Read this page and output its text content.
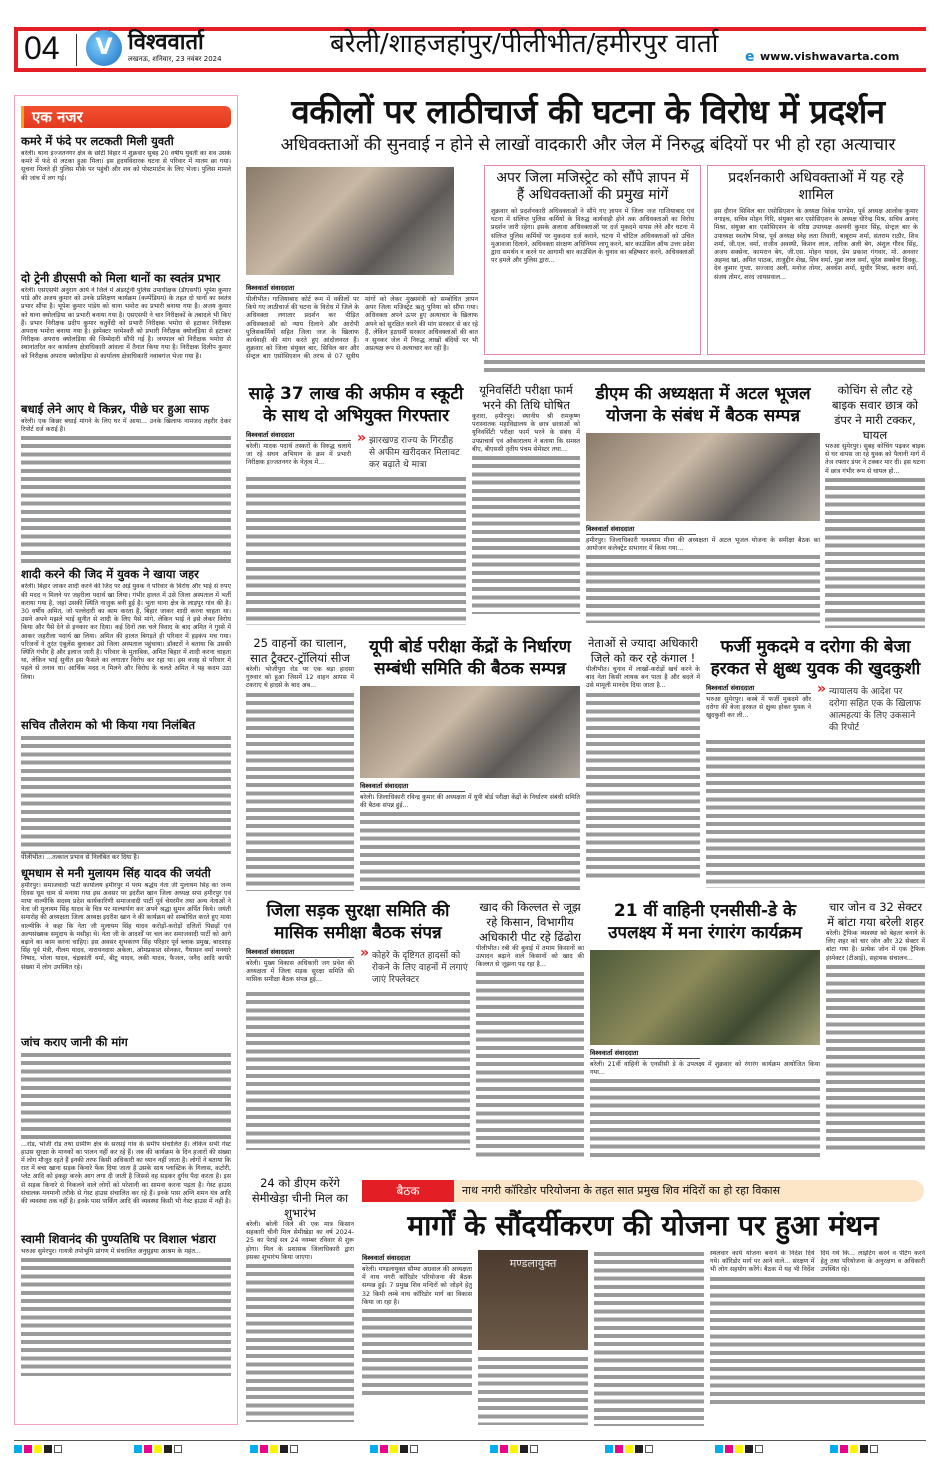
04	V विश्ववार्ता
लखनऊ, शनिवार, 23 नवंबर 2024	बरेली/शाहजहांपुर/पीलीभीत/हमीरपुर वार्ता	e www.vishwavarta.com
एक नजर
कमरे में फंदे पर लटकती मिली युवती
बरेली। थाना इज्जतनगर क्षेत्र के छोटी विहार में शुक्रवार सुबह 20 वर्षीय युवती का शव उसके कमरे में फंदे से लटका हुआ मिला। इस हृदयविदारक घटना से परिवार में मातम छा गया। सूचना मिलते ही पुलिस मौके पर पहुंची और शव को पोस्टमार्टम के लिए भेजा। पुलिस मामले की जांच में लग गई।
दो ट्रेनी डीएसपी को मिला थानों का स्वतंत्र प्रभार
बरेली। एसएसपी अनुराग आर्य ने जिले में अंडरट्रेनी पुलिस उपाधीक्षक (डीएसपी) भूपेश कुमार पांडे और अजय कुमार को उनके प्रशिक्षण कार्यक्रम (कम्पेंडियम) के तहत दो थानों का स्वतंत्र प्रभार सौंपा है। भूपेश कुमार पांडेय को थाना भमोरा का प्रभारी बनाया गया है। अजय कुमार को थाना क्योलड़िया का प्रभारी बनाया गया है। एसएसपी ने चार निरीक्षकों के तबादले भी किए हैं। प्रभार निरीक्षक प्रदीप कुमार चतुर्वेदी को प्रभारी निरीक्षक भमोरा से हटाकर निरीक्षक अपराध भमोरा बनाया गया है। इंस्पेक्टर परमेश्वरी को प्रभारी निरीक्षक क्योलड़िया से हटाकर निरीक्षक अपराध क्योलड़िया की जिम्मेदारी सौंपी गई है। जयपाल को निरीक्षक भमोरा से स्थानांतरित कर कार्यालय क्षेत्राधिकारी आंवला में तैनात किया गया है। निरीक्षक दिलीप कुमार को निरीक्षक अपराध क्योलड़िया से कार्यालय क्षेत्राधिकारी नवाबगंज भेजा गया है।
बधाई लेने आए थे किन्नर, पीछे घर हुआ साफ
बरेली। एक किन्नर बधाई मांगने के लिए घर में आया... उनके खिलाफ नामजद तहरीर देकर रिपोर्ट दर्ज कराई है।
शादी करने की जिद में युवक ने खाया जहर
बरेली। बिहार जाकर शादी करने की जिद पर अड़े युवक ने परिवार के विरोध और भाई से रुपए की मदद न मिलने पर जहरीला पदार्थ खा लिया। गंभीर हालत में उसे जिला अस्पताल में भर्ती कराया गया है, जहां उसकी स्थिति नाजुक बनी हुई है। भुता थाना क्षेत्र के लाड़पुर गांव की है। 30 वर्षीय अमित, जो पल्लेदारी का काम करता है, बिहार जाकर शादी करना चाहता था। उसने अपने मझले भाई सुनीत से शादी के लिए पैसे मांगे, लेकिन भाई ने इसे लेकर विरोध किया और पैसे देने से इनकार कर दिया। कई दिनों तक चले विवाद के बाद अमित ने गुस्से में आकर जहरीला पदार्थ खा लिया। अमित की हालत बिगड़ते ही परिवार में हड़कंप मच गया। परिजनों ने तुरंत एंबुलेंस बुलाकर उसे जिला अस्पताल पहुंचाया। डॉक्टरों ने बताया कि उसकी स्थिति गंभीर है और इलाज जारी है। परिवार के मुताबिक, अमित बिहार में शादी करना चाहता था, लेकिन भाई सुनीत इस फैसले का लगातार विरोध कर रहा था। इस वजह से परिवार में पहले से तनाव था। आर्थिक मदद न मिलने और विरोध के चलते अमित ने यह कदम उठा लिया।
सचिव तौलेराम को भी किया गया निलंबित
पीलीभीत। ...तत्काल प्रभाव से निलंबित कर दिया है।
धूमधाम से मनी मुलायम सिंह यादव की जयंती
हमीरपुर। समाजवादी पार्टी कार्यालय हमीरपुर में परम श्रद्धेय नेता जी मुलायम सिंह का जन्म दिवस धूम धाम से मनाया गया इस अवसर पर इदरीश खान जिला अध्यक्ष सपा हमीरपुर एवं माया वाल्मीकि सदस्य प्रदेश कार्यकारिणी समाजवादी पार्टी पूर्व चेयरमैन तथा अन्य नेताओं ने नेता जी मुलायम सिंह यादव के चित्र पर माल्यार्पण कर अपने श्रद्धा सुमन अर्पित किये। जयंती समारोह की अध्यक्षता जिला अध्यक्ष इदरीश खान ने की कार्यक्रम को सम्बोधित करते हुए माया वाल्मीकि ने कहा कि नेता जी मुलायम सिंह यादव करोड़ों-करोड़ों दलितों पिछड़ों एवं अल्पसंख्यक समुदाय के मसीहा थे। नेता जी के आदर्शों पर चल कर समाजवादी पार्टी को आगे बढ़ाने का काम करना चाहिए। इस अवसर शुभकरण सिंह परिहार पूर्व ब्लाक प्रमुख, बादशाह सिंह पूर्व मंत्री, नीलम यादव, नारायनदास अकेला, ओमप्रकाश सोनकर, गैयासन वर्मा मनयारे निषाद, भोला यादव, चंद्रकांती वर्मा, बीटू यादव, लकी यादव, फैजल, जनैद आदि काफी संख्या में लोग उपस्थित रहे।
जांच कराए जानी की मांग
...रोड, भोजी रोड तथा ग्रामीण क्षेत्र के सरसई गांव के समीप संचालित है। लेकिन सभी गेस्ट हाउस सुरक्षा के मानकों का पालन नहीं कर रहे हैं। जब की कार्यक्रम के दिन हजारों की संख्या में लोग मौजूद रहते हैं इनकी तरफ किसी अधिकारी का ध्यान नहीं जाता है। लोगों ने बताया कि रात में बचा खाना सड़क किनारे फेंक दिया जाता है उसके साथ प्लास्टिक के गिलास, कटोरी, प्लेट आदि को इकट्ठा करके आग लगा दी जाती है जिससे वह सड़कर दुर्गंध पैदा करता है। इस से सड़क किनारे से निकलने वाले लोगों को परेशानी का सामना करना पड़ता है। गेस्ट हाउस संचालक मनमानी तरीके से गेस्ट हाउस संचालित कर रहे हैं। इनके पास अग्नि शमन यंत्र आदि की व्यवस्था तक नहीं है। इनके पास पार्किंग आदि की व्यवस्था किसी भी गेस्ट हाउस में नहीं है।
स्वामी शिवानंद की पुण्यतिथि पर विशाल भंडारा
भरुआ सुमेरपुर। गायत्री तपोभूमि प्रांगण में संचालित अनुसुइया आश्रम के महंत...
वकीलों पर लाठीचार्ज की घटना के विरोध में प्रदर्शन
अधिवक्ताओं की सुनवाई न होने से लाखों वादकारी और जेल में निरुद्ध बंदियों पर भी हो रहा अत्याचार
विश्ववार्ता संवाददाता
पीलीभीत। गाजियाबाद कोर्ट रूम में वकीलों पर किये गए लाठीचार्ज की घटना के विरोध में जिले के अधिवक्ता लगातार प्रदर्शन कर पीड़ित अधिवक्ताओं को न्याय दिलाने और आरोपी पुलिसकर्मियों सहित जिला जज के खिलाफ कार्यवाही की मांग करते हुए आंदोलनरत हैं। शुक्रवार को जिला संयुक्त बार, सिविल बार और सेन्ट्रल बार एसोसिएशन की तरफ से 07 सूत्रीय मांगों को लेकर मुख्यमंत्री को सम्बोधित ज्ञापन अपर जिला मजिस्ट्रेट ऋतु पुनिया को सौंपा गया। अधिवक्ता अपने ऊपर हुए अत्याचार के खिलाफ अपने को सुरक्षित करने की मांग सरकार से कर रहे हैं, लेकिन हठधर्मी सरकार अधिवक्ताओं की बात न सुनकर जेल में निरुद्ध लाखों बंदियों पर भी अप्रत्यक्ष रूप से अत्याचार कर रही है।
अपर जिला मजिस्ट्रेट को सौंपे ज्ञापन में हैं अधिवक्ताओं की प्रमुख मांगें
शुक्रवार को प्रदर्शनकारी अधिवक्ताओं ने सौंपे गए ज्ञापन में जिला जज गाजियाबाद एवं घटना में संलिप्त पुलिस कर्मियों के विरुद्ध कार्यवाही होने तक अधिवक्ताओं का विरोध प्रदर्शन जारी रहेगा। इसके अलावा अधिवक्ताओं पर दर्ज मुकदमे वापस लेने और घटना में संलिप्त पुलिस कर्मियों पर मुकदमा दर्ज कराने, घटना में चोटिल अधिवक्ताओं को उचित मुआवजा दिलाने, अधिवक्ता संरक्षण अधिनियम लागू करने, बार काउंसिल ऑफ उत्तर प्रदेश द्वारा समर्थन न करने पर आगामी बार काउंसिल के चुनाव का बहिष्कार करने, अधिवक्ताओं पर हमले और पुलिस द्वारा...
प्रदर्शनकारी अधिवक्ताओं में यह रहे शामिल
इस दौरान सिविल बार एसोसिएशन के अध्यक्ष विवेक पाण्डेय, पूर्व अध्यक्ष आलोक कुमार नगाइच, सचिव मोहन गिरि, संयुक्त बार एसोसिएशन के अध्यक्ष धीरेन्द्र मिश्र, सचिव आनंद मिश्रा, संयुक्त बार एसोसिएशन के वरिष्ठ उपाध्यक्ष अश्वनी कुमार सिंह, सेन्ट्रल बार के उपाध्यक्ष स्वतोष मिश्रा, पूर्व अध्यक्ष स्नेह लता तिवारी, बाबूराम शर्मा, संतराम राठौर, शिव शर्मा, जी.एल. वर्मा, राजीव अवस्थी, किशन लाल, तारिक अली बेग, अंशुल गौरव सिंह, अजय सक्सेना, कामरान बेग, जी.एस. मोहन यादव, प्रेम प्रकाश गंगवार, मो. अनवार अहमद खां, अमित पाठक, ताजुद्दीन शेख, शिव शर्मा, मुन्ना लाल वर्मा, सुरेश सक्सेना दिवकू, देव कुमार गुप्ता, सज्जाद अली, मनोज तोमर, अवधेश शर्मा, सुधीर मिश्रा, करण वर्मा, संजय तोमर, शरद जायसवाल...
साढ़े 37 लाख की अफीम व स्कूटी के साथ दो अभियुक्त गिरफ्तार
विश्ववार्ता संवाददाता
बरेली। मादक पदार्थ तस्करों के विरुद्ध चलाये जा रहे सघन अभियान के क्रम में प्रभारी निरीक्षक इज्जतनगर के नेतृत्व में...
» झारखण्ड राज्य के गिरडीह से अफीम खरीदकर मिलावट कर बढ़ाते थे मात्रा
यूनिवर्सिटी परीक्षा फार्म भरने की तिथि घोषित
कुरारा, हमीरपुर। स्थानीय श्री रामकृष्ण परास्नातक महाविद्यालय के छात्र छात्राओं को यूनिवर्सिटी परीक्षा फार्म भरने के संबंध में उपप्राचार्य एवं ओंकारालय ने बताया कि समस्त बीए, बीएससी तृतीय पंचम सेमेस्टर तथा...
डीएम की अध्यक्षता में अटल भूजल योजना के संबंध में बैठक सम्पन्न
विश्ववार्ता संवाददाता
हमीरपुर। जिलाधिकारी घनश्याम मीना की अध्यक्षता में अटल भूजल योजना के समीक्षा बैठक का आयोजन कलेक्ट्रेट सभागार में किया गया...
कोचिंग से लौट रहे बाइक सवार छात्र को डंपर ने मारी टक्कर, घायल
भरुआ सुमेरपुर। सुबह कोचिंग पढ़कर बाइक से घर वापस जा रहे युवक को पैलानी मार्ग में तेज रफ्तार डंपर ने टक्कर मार दी। इस घटना में छात्र गंभीर रूप से घायल हो...
25 वाहनों का चालान, सात ट्रैक्टर-ट्रॉलियां सीज
बरेली। भोजीपुरा रोड पर एक बड़ा हादसा गुरुवार को हुआ जिसमें 12 वाहन आपस में टकराए थे हादसे के बाद अब...
यूपी बोर्ड परीक्षा केंद्रों के निर्धारण सम्बंधी समिति की बैठक सम्पन्न
विश्ववार्ता संवाददाता
बरेली। जिलाधिकारी रविन्द्र कुमार की अध्यक्षता में यूपी बोर्ड परीक्षा केंद्रों के निर्धारण संबंधी समिति की बैठक संपन्न हुई...
नेताओं से ज्यादा अधिकारी जिले को कर रहे कंगाल !
पीलीभीत। चुनाव में लाखों-करोड़ों खर्च करने के बाद नेता किसी लायक बन पाता है और बदले में उसे मामूली मानदेय दिया जाता है...
फर्जी मुकदमे व दरोगा की बेजा हरकत से क्षुब्ध युवक की खुदकुशी
विश्ववार्ता संवाददाता
भरुआ सुमेरपुर। कस्बे में फर्जी मुकदमे और दरोगा की बेजा हरकत से क्षुब्ध होकर युवक ने खुदकुशी कर ली...
» न्यायालय के आदेश पर दरोगा सहित एक के खिलाफ आत्महत्या के लिए उकसाने की रिपोर्ट
जिला सड़क सुरक्षा समिति की मासिक समीक्षा बैठक संपन्न
विश्ववार्ता संवाददाता
बरेली। मुख्य विकास अधिकारी जग प्रवेश की अध्यक्षता में जिला सड़क सुरक्षा समिति की मासिक समीक्षा बैठक संपन्न हुई...
» कोहरे के दृष्टिगत हादसों को रोकने के लिए वाहनों में लगाएं जाएं रिफ्लेक्टर
खाद की किल्लत से जूझ रहे किसान, विभागीय अधिकारी पीट रहे ढिंढोरा
पीलीभीत। रबी की बुवाई में तमाम किसानों का उत्पादन बढ़ाने वाले किसानों को खाद की किल्लत से जूझना पड़ रहा है...
21 वीं वाहिनी एनसीसी-डे के उपलक्ष्य में मना रंगारंग कार्यक्रम
विश्ववार्ता संवाददाता
बरेली। 21वीं वाहिनी के एनसीसी डे के उपलक्ष्य में शुक्रवार को रंगारंग कार्यक्रम आयोजित किया गया...
चार जोन व 32 सेक्टर में बांटा गया बरेली शहर
बरेली। ट्रैफिक व्यवस्था को बेहतर बनाने के लिए शहर को चार जोन और 32 सेक्टर में बांटा गया है। प्रत्येक जोन में एक ट्रैफिक इंस्पेक्टर (टीआई), सहायक संचालन...
24 को डीएम करेंगे सेमीखेड़ा चीनी मिल का शुभारंभ
बरेली। बरेली जिले की एक मात्र किसान सहकारी चीनी मिल सेमीखेड़ा का वर्ष 2024-25 का पेराई सत्र 24 नवम्बर रविवार से शुरू होगा। मिल के प्रशासक जिलाधिकारी द्वारा इसका शुभारंभ किया जाएगा।
बैठक	नाथ नगरी कॉरिडोर परियोजना के तहत सात प्रमुख शिव मंदिरों का हो रहा विकास
मार्गों के सौंदर्यीकरण की योजना पर हुआ मंथन
विश्ववार्ता संवाददाता
बरेली। मण्डलायुक्त सौम्या अग्रवाल की अध्यक्षता में नाथ नगरी कॉरिडोर परियोजना की बैठक सम्पन्न हुई। 7 प्रमुख शिव मन्दिरों को जोड़ने हेतु 32 किमी लम्बे नाथ कॉरिडोर मार्ग का विकास किया जा रहा है।
मण्डलायुक्त
स्थलवार कार्य योजना बनाने के निर्देश दिये गये। कॉरिडोर मार्ग पर आने वाले... संरक्षण में भी लोग सहयोग करेंगे। बैठक में यह भी निर्देश दिये गये कि... लाइटिंग करने व पेंटिंग करने हेतु तथा परियोजना के अनुरक्षण व अधिकारी उपस्थित रहे।
